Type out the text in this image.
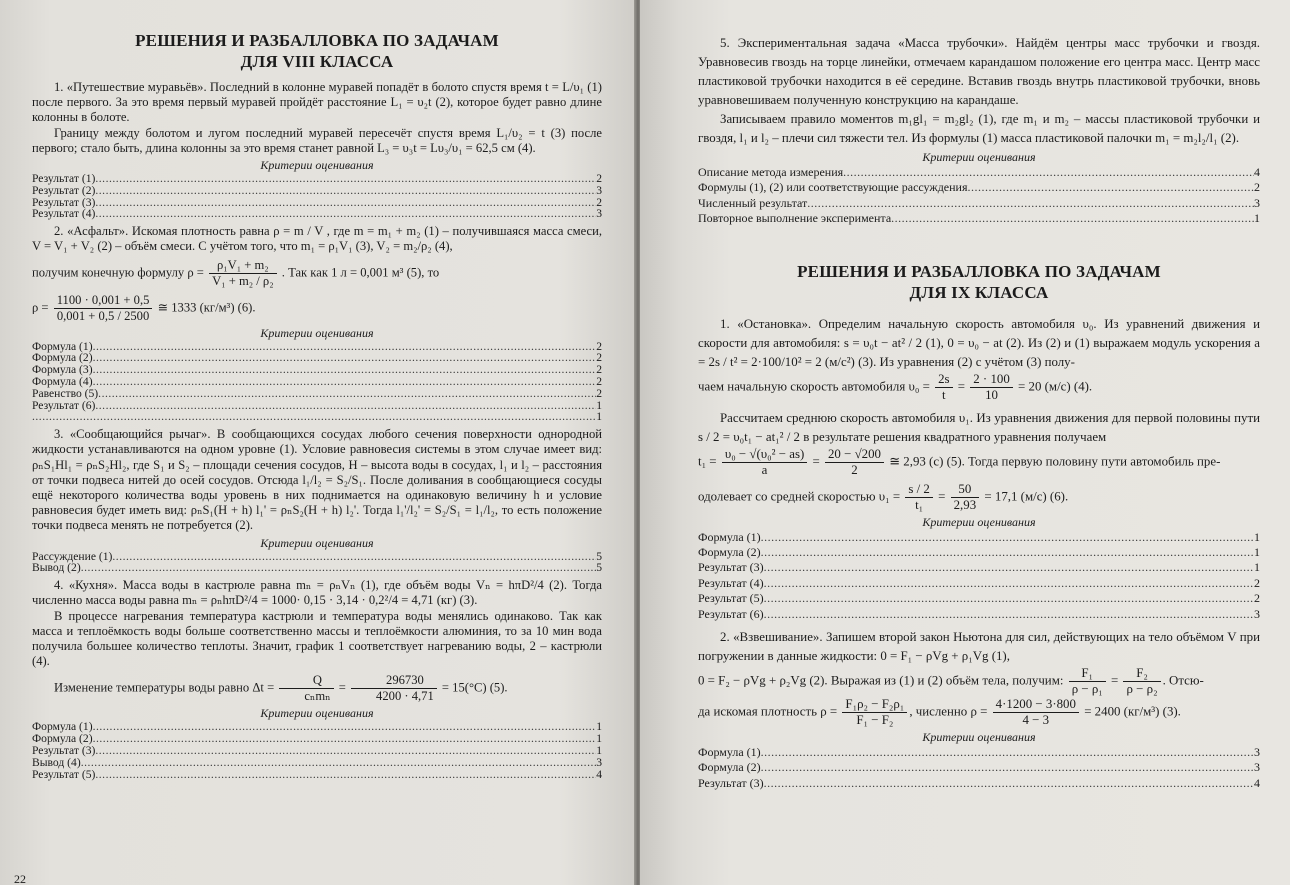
РЕШЕНИЯ И РАЗБАЛЛОВКА ПО ЗАДАЧАМ
ДЛЯ VIII КЛАССА

1. «Путешествие муравьёв». Последний в колонне муравей попадёт в болото спустя время t = L/υ₁ (1) после первого. За это время первый муравей пройдёт расстояние L₁ = υ₂t (2), которое будет равно длине колонны в болоте.

Границу между болотом и лугом последний муравей пересечёт спустя время L₁/υ₂ = t (3) после первого; стало быть, длина колонны за это время станет равной L₃ = υ₃t = Lυ₃/υ₁ = 62,5 см (4).

Критерии оценивания
Результат (1) .....	2
Результат (2) .....	3
Результат (3) .....	2
Результат (4) .....	3

2. «Асфальт». Искомая плотность равна ρ = m / V , где m = m₁ + m₂ (1) – получившаяся масса смеси, V = V₁ + V₂ (2) – объём смеси. С учётом того, что m₁ = ρ₁V₁ (3), V₂ = m₂/ρ₂ (4),

получим конечную формулу $\rho = \frac{\text{ρ₁V₁ + m₂}}{\text{V₁ + m₂ / ρ₂}}$ . Так как 1 л = 0,001 м³ (5), то

$\rho = \frac{1100 \cdot 0,001 + 0,5}{0,001 + 0,5 / 2500}$ ≅ 1333 (кг/м³) (6).

Критерии оценивания
Формула (1) .....	2
Формула (2) .....	2
Формула (3) .....	2
Формула (4) .....	2
Равенство (5) .....	2
Результат (6) .....	1
.....
1

3. «Сообщающийся рычаг». В сообщающихся сосудах любого сечения поверхности однородной жидкости устанавливаются на одном уровне (1). Условие равновесия системы в этом случае имеет вид: ρₙS₁Hl₁ = ρₙS₂Hl₂, где S₁ и S₂ – площади сечения сосудов, H – высота воды в сосудах, l₁ и l₂ – расстояния от точки подвеса нитей до осей сосудов. Отсюда l₁/l₂ = S₂/S₁. После доливания в сообщающиеся сосуды ещё некоторого количества воды уровень в них поднимается на одинаковую величину h и условие равновесия будет иметь вид: ρₙS₁(H + h) l₁' = ρₙS₂(H + h) l₂'. Тогда l₁'/l₂' = S₂/S₁ = l₁/l₂, то есть положение точки подвеса менять не потребуется (2).

Критерии оценивания
Рассуждение (1) .....	5
Вывод (2) .....	5

4. «Кухня». Масса воды в кастрюле равна mₙ = ρₙVₙ (1), где объём воды Vₙ = hπD²/4 (2). Тогда численно масса воды равна mₙ = ρₙhπD²/4 = 1000· 0,15 · 3,14 · 0,2²/4 = 4,71 (кг) (3).

В процессе нагревания температура кастрюли и температура воды менялись одинаково. Так как масса и теплоёмкость воды больше соответственно массы и теплоёмкости алюминия, то за 10 мин вода получила большее количество теплоты. Значит, график 1 соответствует нагреванию воды, 2 – кастрюли (4).

Изменение температуры воды равно $\Delta t = \frac{Q}{\text{cₙmₙ}} = \frac{296730}{4200 \cdot 4,71} = 15(^\circ C)$ (5).

Критерии оценивания
Формула (1) .....	1
Формула (2) .....	1
Результат (3) .....	1
Вывод (4) .....	3
Результат (5) .....	4
22

5. Экспериментальная задача «Масса трубочки». Найдём центры масс трубочки и гвоздя. Уравновесив гвоздь на торце линейки, отмечаем карандашом положение его центра масс. Центр масс пластиковой трубочки находится в её середине. Вставив гвоздь внутрь пластиковой трубочки, вновь уравновешиваем полученную конструкцию на карандаше.

Записываем правило моментов m₁gl₁ = m₂gl₂ (1), где m₁ и m₂ – массы пластиковой трубочки и гвоздя, l₁ и l₂ – плечи сил тяжести тел. Из формулы (1) масса пластиковой палочки m₁ = m₂l₂/l₁ (2).

Критерии оценивания
Описание метода измерения .....	4
Формулы (1), (2) или соответствующие рассуждения .....	2
Численный результат .....	3
Повторное выполнение эксперимента .....	1
РЕШЕНИЯ И РАЗБАЛЛОВКА ПО ЗАДАЧАМ
ДЛЯ IX КЛАССА

1. «Остановка». Определим начальную скорость автомобиля υ₀. Из уравнений движения и скорости для автомобиля: s = υ₀t − at² / 2 (1), 0 = υ₀ − at (2). Из (2) и (1) выражаем модуль ускорения a = 2s / t² = 2·100/10² = 2 (м/с²) (3). Из уравнения (2) с учётом (3) полу-

чаем начальную скорость автомобиля $\upsilon_0 = \frac{2s}{t} = \frac{2 \cdot 100}{10} = 20$ (м/с) (4).

Рассчитаем среднюю скорость автомобиля υ₁. Из уравнения движения для первой половины пути s / 2 = υ₀t₁ − at₁² / 2 в результате решения квадратного уравнения получаем

$t_1 = \frac{\text{υ₀ − √(υ₀² − as)}}{a} = \frac{20 - √200}{2}$ ≅ 2,93 (с) (5). Тогда первую половину пути автомобиль пре-

одолевает со средней скоростью $\upsilon_1 = \frac{s / 2}{\text{t₁}} = \frac{50}{2,93} = 17,1$ (м/с) (6).

Критерии оценивания
Формула (1) .....	1
Формула (2) .....	1
Результат (3) .....	1
Результат (4) .....	2
Результат (5) .....	2
Результат (6) .....	3

2. «Взвешивание». Запишем второй закон Ньютона для сил, действующих на тело объёмом V при погружении в данные жидкости: 0 = F₁ − ρVg + ρ₁Vg (1),

0 = F₂ − ρVg + ρ₂Vg (2). Выражая из (1) и (2) объём тела, получим: $\frac{\text{F₁}}{\text{ρ − ρ₁}} = \frac{\text{F₂}}{\text{ρ − ρ₂}}$ . Отсю-

да искомая плотность $\rho = \frac{\text{F₁ρ₂ − F₂ρ₁}}{\text{F₁ − F₂}}$ , численно $\rho = \frac{4\cdot 1200 - 3\cdot 800}{4 - 3} = 2400$ (кг/м³) (3).

Критерии оценивания
Формула (1) .....	3
Формула (2) .....	3
Результат (3) .....	4
